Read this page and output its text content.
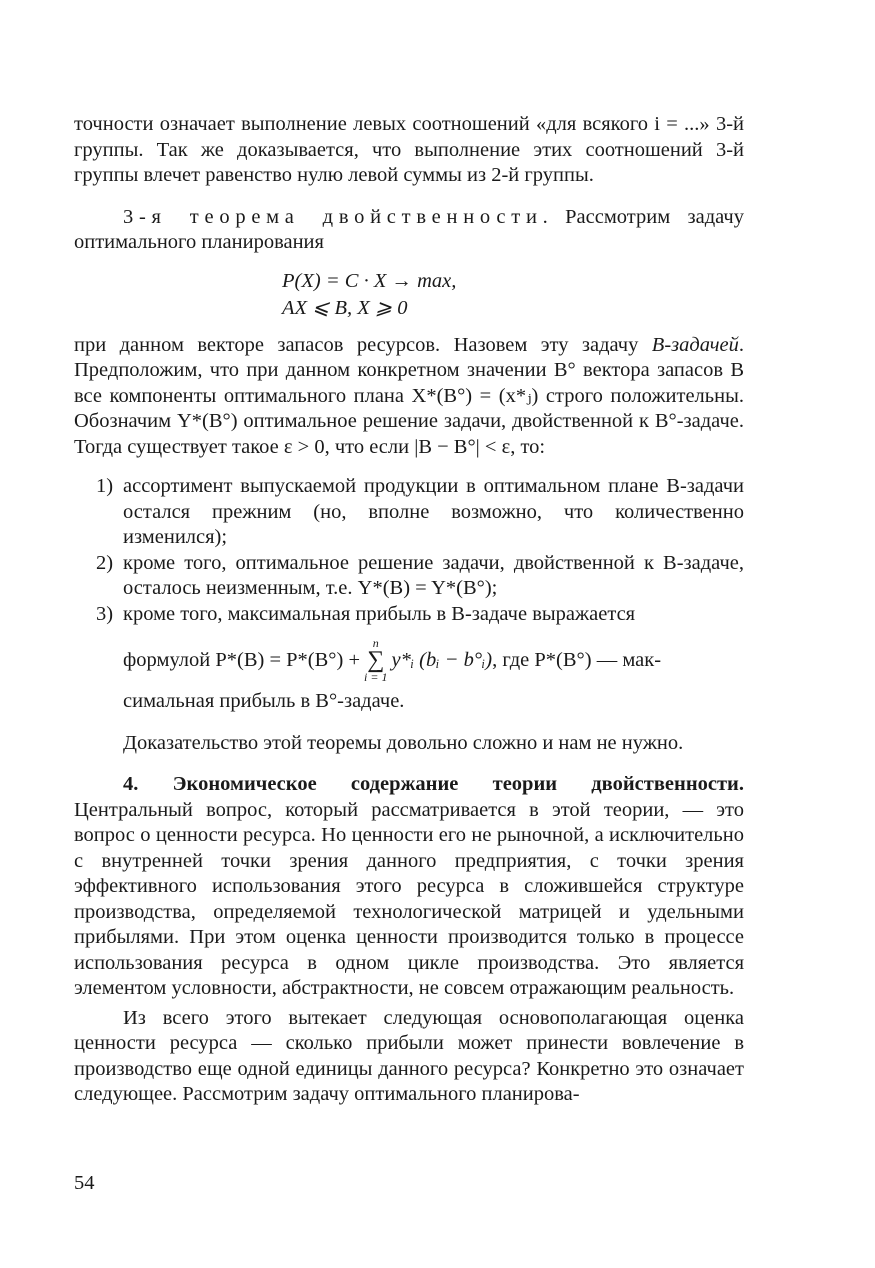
точности означает выполнение левых соотношений «для всякого i = ...» 3-й группы. Так же доказывается, что выполнение этих соотношений 3-й группы влечет равенство нулю левой суммы из 2-й группы.

3-я теорема двойственности. Рассмотрим задачу оптимального планирования

P(X) = C · X → max,
AX ⩽ B, X ⩾ 0

при данном векторе запасов ресурсов. Назовем эту задачу B-задачей. Предположим, что при данном конкретном значении B° вектора запасов B все компоненты оптимального плана X*(B°) = (x*ⱼ) строго положительны. Обозначим Y*(B°) оптимальное решение задачи, двойственной к B°-задаче. Тогда существует такое ε > 0, что если |B − B°| < ε, то:

1) ассортимент выпускаемой продукции в оптимальном плане B-задачи остался прежним (но, вполне возможно, что количественно изменился);
2) кроме того, оптимальное решение задачи, двойственной к B-задаче, осталось неизменным, т.е. Y*(B) = Y*(B°);
3) кроме того, максимальная прибыль в B-задаче выражается
формулой P*(B) = P*(B°) +
n
∑
i = 1
y*ᵢ (bᵢ − b°ᵢ) , где P*(B°) — мак-
симальная прибыль в B°-задаче.

Доказательство этой теоремы довольно сложно и нам не нужно.

4. Экономическое содержание теории двойственности. Центральный вопрос, который рассматривается в этой теории, — это вопрос о ценности ресурса. Но ценности его не рыночной, а исключительно с внутренней точки зрения данного предприятия, с точки зрения эффективного использования этого ресурса в сложившейся структуре производства, определяемой технологической матрицей и удельными прибылями. При этом оценка ценности производится только в процессе использования ресурса в одном цикле производства. Это является элементом условности, абстрактности, не совсем отражающим реальность.

Из всего этого вытекает следующая основополагающая оценка ценности ресурса — сколько прибыли может принести вовлечение в производство еще одной единицы данного ресурса? Конкретно это означает следующее. Рассмотрим задачу оптимального планирова-

54
